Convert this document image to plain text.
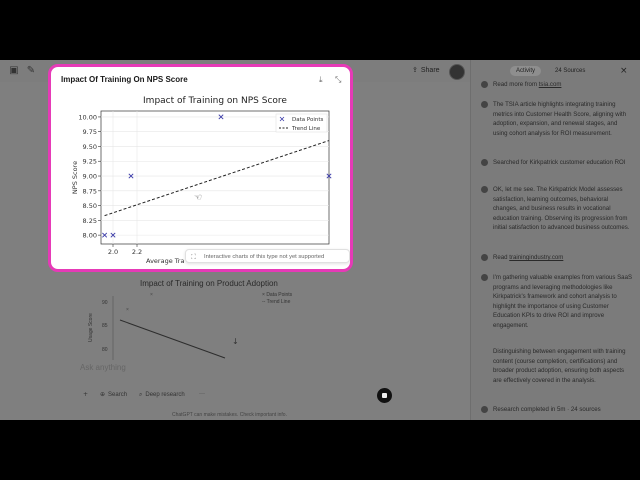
▣ ✎	⇪ Share
×
×
Impact of Training on Product Adoption
× Data Points
-- Trend Line
Usage Score
90
85
80
↓
Ask anything
+	⊕ Search ⌕ Deep research ···
ChatGPT can make mistakes. Check important info.
Activity	24 Sources	×
Read more from tsia.com
The TSIA article highlights integrating training metrics into Customer Health Score, aligning with adoption, expansion, and renewal stages, and using cohort analysis for ROI measurement.
Searched for Kirkpatrick customer education ROI
OK, let me see. The Kirkpatrick Model assesses satisfaction, learning outcomes, behavioral changes, and business results in vocational education training. Observing its progression from initial satisfaction to advanced business outcomes.
Read trainingindustry.com
I'm gathering valuable examples from various SaaS programs and leveraging methodologies like Kirkpatrick's framework and cohort analysis to highlight the importance of using Customer Education KPIs to drive ROI and improve engagement.
Distinguishing between engagement with training content (course completion, certifications) and broader product adoption, ensuring both aspects are effectively covered in the analysis.
Research completed in 5m · 24 sources
Impact Of Training On NPS Score	⤓ ⤡
Impact of Training on NPS Score
8.00
8.25
8.50
8.75
9.00
9.25
9.50
9.75
10.00
2.0 2.2
Average Tra
NPS Score
Data Points
Trend Line
☜
⛶ Interactive charts of this type not yet supported
